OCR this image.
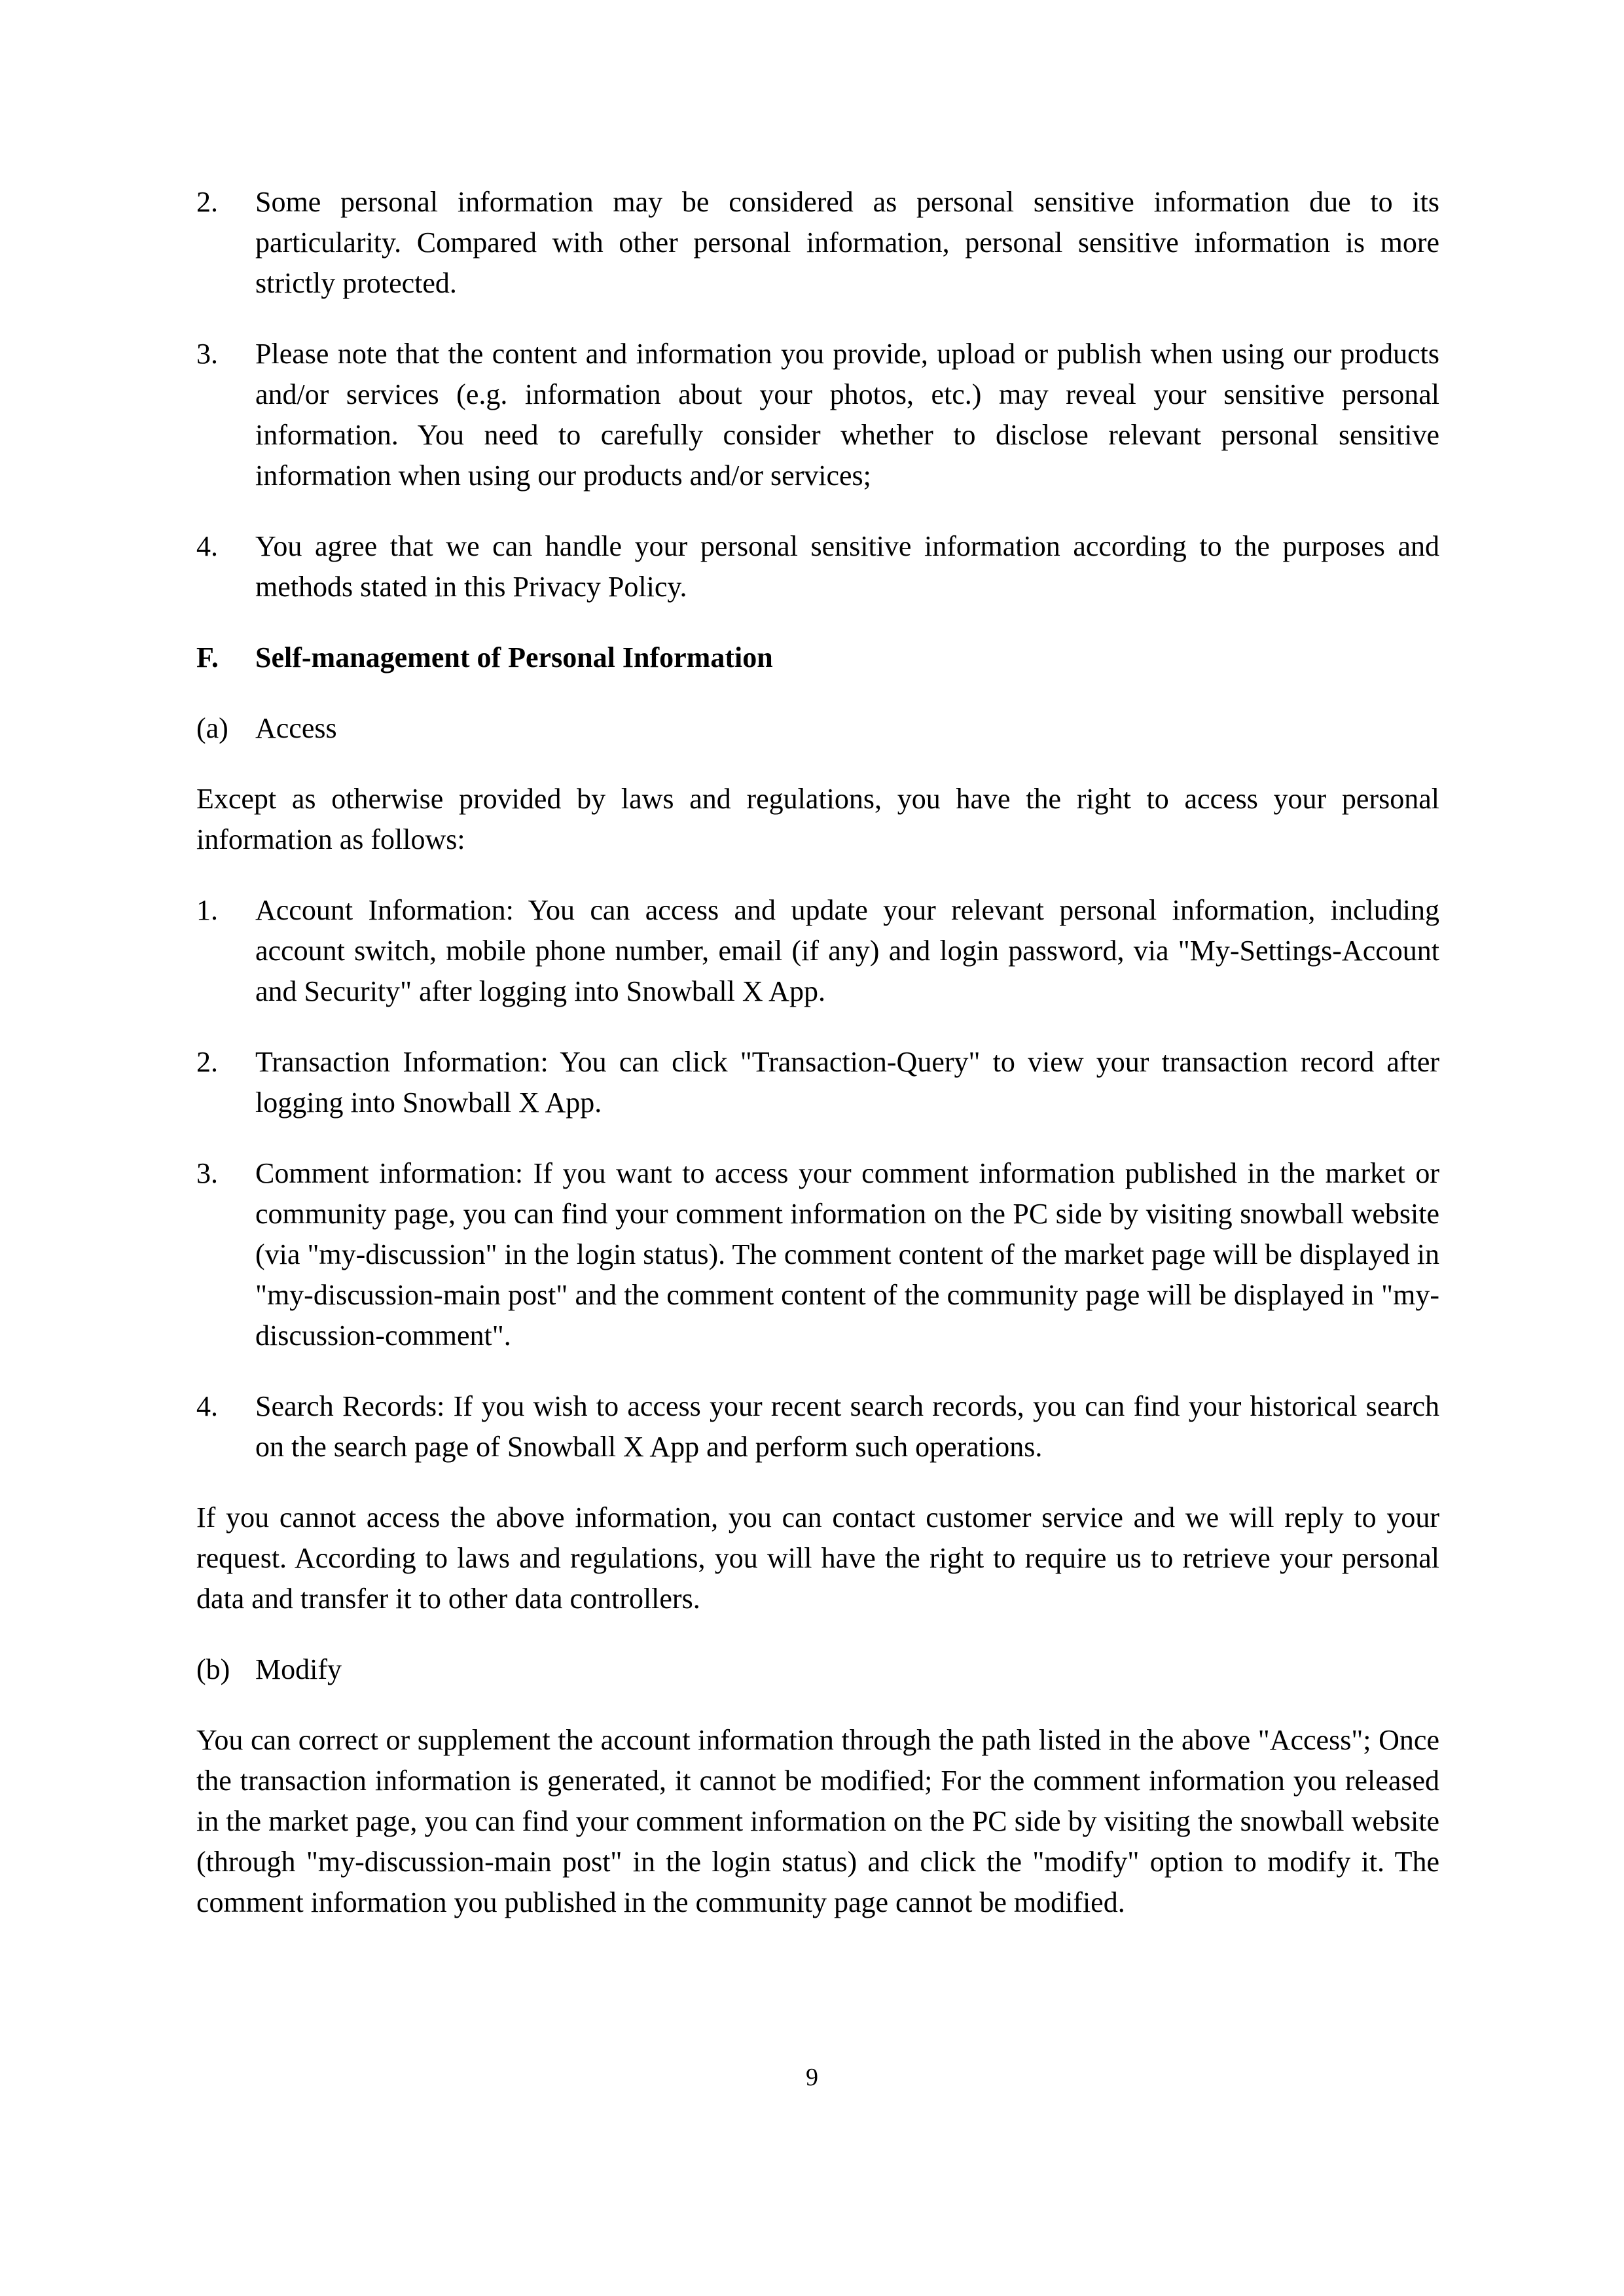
2.	Some personal information may be considered as personal sensitive information due to its particularity. Compared with other personal information, personal sensitive information is more strictly protected.
3.	Please note that the content and information you provide, upload or publish when using our products and/or services (e.g. information about your photos, etc.) may reveal your sensitive personal information. You need to carefully consider whether to disclose relevant personal sensitive information when using our products and/or services;
4.	You agree that we can handle your personal sensitive information according to the purposes and methods stated in this Privacy Policy.
F.	Self-management of Personal Information
(a) Access

Except as otherwise provided by laws and regulations, you have the right to access your personal information as follows:

1.	Account Information: You can access and update your relevant personal information, including account switch, mobile phone number, email (if any) and login password, via "My-Settings-Account and Security" after logging into Snowball X App.
2.	Transaction Information: You can click "Transaction-Query" to view your transaction record after logging into Snowball X App.
3.	Comment information: If you want to access your comment information published in the market or community page, you can find your comment information on the PC side by visiting snowball website (via "my-discussion" in the login status). The comment content of the market page will be displayed in "my-discussion-main post" and the comment content of the community page will be displayed in "my-discussion-comment".
4.	Search Records: If you wish to access your recent search records, you can find your historical search on the search page of Snowball X App and perform such operations.

If you cannot access the above information, you can contact customer service and we will reply to your request. According to laws and regulations, you will have the right to require us to retrieve your personal data and transfer it to other data controllers.

(b) Modify

You can correct or supplement the account information through the path listed in the above "Access"; Once the transaction information is generated, it cannot be modified; For the comment information you released in the market page, you can find your comment information on the PC side by visiting the snowball website (through "my-discussion-main post" in the login status) and click the "modify" option to modify it. The comment information you published in the community page cannot be modified.

9
